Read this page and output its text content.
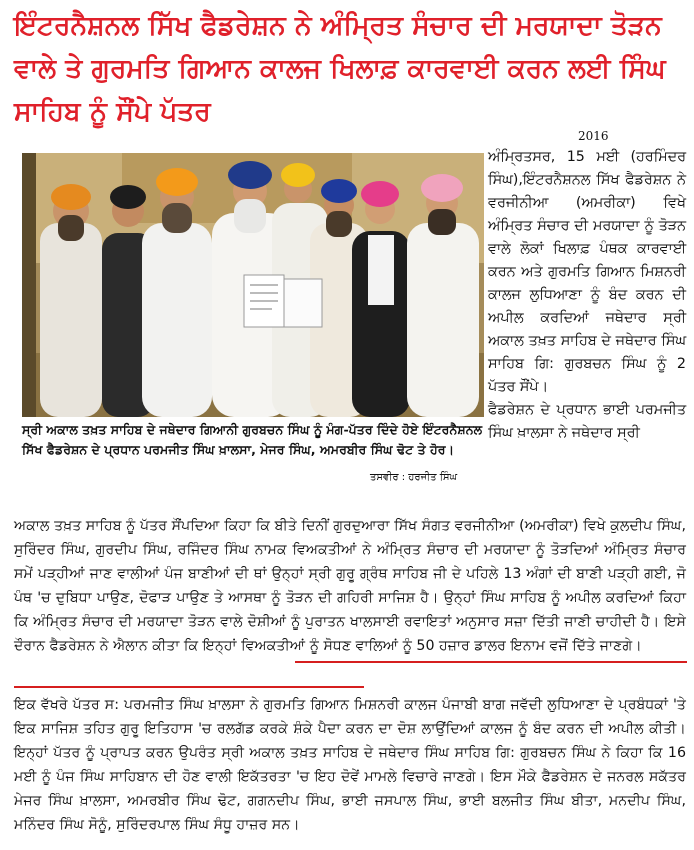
ਇੰਟਰਨੈਸ਼ਨਲ ਸਿੱਖ ਫੈਡਰੇਸ਼ਨ ਨੇ ਅੰਮ੍ਰਿਤ ਸੰਚਾਰ ਦੀ ਮਰਯਾਦਾ ਤੋੜਨ ਵਾਲੇ ਤੇ ਗੁਰਮਤਿ ਗਿਆਨ ਕਾਲਜ ਖਿਲਾਫ਼ ਕਾਰਵਾਈ ਕਰਨ ਲਈ ਸਿੰਘ ਸਾਹਿਬ ਨੂੰ ਸੌਂਪੇ ਪੱਤਰ
2016
ਸ੍ਰੀ ਅਕਾਲ ਤਖ਼ਤ ਸਾਹਿਬ ਦੇ ਜਥੇਦਾਰ ਗਿਆਨੀ ਗੁਰਬਚਨ ਸਿੰਘ ਨੂੰ ਮੰਗ-ਪੱਤਰ ਦਿੰਦੇ ਹੋਏ ਇੰਟਰਨੈਸ਼ਨਲ ਸਿੱਖ ਫੈਡਰੇਸ਼ਨ ਦੇ ਪ੍ਰਧਾਨ ਪਰਮਜੀਤ ਸਿੰਘ ਖ਼ਾਲਸਾ, ਮੇਜਰ ਸਿੰਘ, ਅਮਰਬੀਰ ਸਿੰਘ ਢੋਟ ਤੇ ਹੋਰ।
ਤਸਵੀਰ : ਹਰਜੀਤ ਸਿੰਘ

ਅੰਮ੍ਰਿਤਸਰ, 15 ਮਈ (ਹਰਮਿੰਦਰ ਸਿੰਘ),ਇੰਟਰਨੈਸ਼ਨਲ ਸਿੱਖ ਫੈਡਰੇਸ਼ਨ ਨੇ ਵਰਜੀਨੀਆ (ਅਮਰੀਕਾ) ਵਿਖੇ ਅੰਮ੍ਰਿਤ ਸੰਚਾਰ ਦੀ ਮਰਯਾਦਾ ਨੂੰ ਤੋੜਨ ਵਾਲੇ ਲੋਕਾਂ ਖਿਲਾਫ਼ ਪੰਥਕ ਕਾਰਵਾਈ ਕਰਨ ਅਤੇ ਗੁਰਮਤਿ ਗਿਆਨ ਮਿਸ਼ਨਰੀ ਕਾਲਜ ਲੁਧਿਆਣਾ ਨੂੰ ਬੰਦ ਕਰਨ ਦੀ ਅਪੀਲ ਕਰਦਿਆਂ ਜਥੇਦਾਰ ਸ੍ਰੀ ਅਕਾਲ ਤਖ਼ਤ ਸਾਹਿਬ ਦੇ ਜਥੇਦਾਰ ਸਿੰਘ ਸਾਹਿਬ ਗਿ: ਗੁਰਬਚਨ ਸਿੰਘ ਨੂੰ 2 ਪੱਤਰ ਸੌਂਪੇ।

ਫੈਡਰੇਸ਼ਨ ਦੇ ਪ੍ਰਧਾਨ ਭਾਈ ਪਰਮਜੀਤ ਸਿੰਘ ਖ਼ਾਲਸਾ ਨੇ ਜਥੇਦਾਰ ਸ੍ਰੀ

ਅਕਾਲ ਤਖ਼ਤ ਸਾਹਿਬ ਨੂੰ ਪੱਤਰ ਸੌਂਪਦਿਆ ਕਿਹਾ ਕਿ ਬੀਤੇ ਦਿਨੀਂ ਗੁਰਦੁਆਰਾ ਸਿੱਖ ਸੰਗਤ ਵਰਜੀਨੀਆ (ਅਮਰੀਕਾ) ਵਿਖੇ ਕੁਲਦੀਪ ਸਿੰਘ, ਸੁਰਿੰਦਰ ਸਿੰਘ, ਗੁਰਦੀਪ ਸਿੰਘ, ਰਜਿੰਦਰ ਸਿੰਘ ਨਾਮਕ ਵਿਅਕਤੀਆਂ ਨੇ ਅੰਮ੍ਰਿਤ ਸੰਚਾਰ ਦੀ ਮਰਯਾਦਾ ਨੂੰ ਤੋੜਦਿਆਂ ਅੰਮ੍ਰਿਤ ਸੰਚਾਰ ਸਮੇਂ ਪੜ੍ਹੀਆਂ ਜਾਣ ਵਾਲੀਆਂ ਪੰਜ ਬਾਣੀਆਂ ਦੀ ਥਾਂ ਉਨ੍ਹਾਂ ਸ੍ਰੀ ਗੁਰੂ ਗ੍ਰੰਥ ਸਾਹਿਬ ਜੀ ਦੇ ਪਹਿਲੇ 13 ਅੰਗਾਂ ਦੀ ਬਾਣੀ ਪੜ੍ਹੀ ਗਈ, ਜੋ ਪੰਥ 'ਚ ਦੁਬਿਧਾ ਪਾਉਣ, ਦੋਫਾੜ ਪਾਉਣ ਤੇ ਆਸਥਾ ਨੂੰ ਤੋੜਨ ਦੀ ਗਹਿਰੀ ਸਾਜਿਸ਼ ਹੈ। ਉਨ੍ਹਾਂ ਸਿੰਘ ਸਾਹਿਬ ਨੂੰ ਅਪੀਲ ਕਰਦਿਆਂ ਕਿਹਾ ਕਿ ਅੰਮ੍ਰਿਤ ਸੰਚਾਰ ਦੀ ਮਰਯਾਦਾ ਤੋੜਨ ਵਾਲੇ ਦੋਸ਼ੀਆਂ ਨੂੰ ਪੁਰਾਤਨ ਖਾਲਸਾਈ ਰਵਾਇਤਾਂ ਅਨੁਸਾਰ ਸਜ਼ਾ ਦਿੱਤੀ ਜਾਣੀ ਚਾਹੀਦੀ ਹੈ। ਇਸੇ ਦੌਰਾਨ ਫੈਡਰੇਸ਼ਨ ਨੇ ਐਲਾਨ ਕੀਤਾ ਕਿ ਇਨ੍ਹਾਂ ਵਿਅਕਤੀਆਂ ਨੂੰ ਸੋਧਣ ਵਾਲਿਆਂ ਨੂੰ 50 ਹਜ਼ਾਰ ਡਾਲਰ ਇਨਾਮ ਵਜੋਂ ਦਿੱਤੇ ਜਾਣਗੇ।

ਇਕ ਵੱਖਰੇ ਪੱਤਰ ਸ: ਪਰਮਜੀਤ ਸਿੰਘ ਖ਼ਾਲਸਾ ਨੇ ਗੁਰਮਤਿ ਗਿਆਨ ਮਿਸ਼ਨਰੀ ਕਾਲਜ ਪੰਜਾਬੀ ਬਾਗ ਜਵੱਦੀ ਲੁਧਿਆਣਾ ਦੇ ਪ੍ਰਬੰਧਕਾਂ 'ਤੇ ਇਕ ਸਾਜਿਸ਼ ਤਹਿਤ ਗੁਰੂ ਇਤਿਹਾਸ 'ਚ ਰਲਗੱਡ ਕਰਕੇ ਸ਼ੰਕੇ ਪੈਦਾ ਕਰਨ ਦਾ ਦੋਸ਼ ਲਾਉਂਦਿਆਂ ਕਾਲਜ ਨੂੰ ਬੰਦ ਕਰਨ ਦੀ ਅਪੀਲ ਕੀਤੀ। ਇਨ੍ਹਾਂ ਪੱਤਰ ਨੂੰ ਪ੍ਰਾਪਤ ਕਰਨ ਉਪਰੰਤ ਸ੍ਰੀ ਅਕਾਲ ਤਖ਼ਤ ਸਾਹਿਬ ਦੇ ਜਥੇਦਾਰ ਸਿੰਘ ਸਾਹਿਬ ਗਿ: ਗੁਰਬਚਨ ਸਿੰਘ ਨੇ ਕਿਹਾ ਕਿ 16 ਮਈ ਨੂੰ ਪੰਜ ਸਿੰਘ ਸਾਹਿਬਾਨ ਦੀ ਹੋਣ ਵਾਲੀ ਇਕੱਤਰਤਾ 'ਚ ਇਹ ਦੋਵੇਂ ਮਾਮਲੇ ਵਿਚਾਰੇ ਜਾਣਗੇ। ਇਸ ਮੌਕੇ ਫੈਡਰੇਸ਼ਨ ਦੇ ਜਨਰਲ ਸਕੱਤਰ ਮੇਜਰ ਸਿੰਘ ਖ਼ਾਲਸਾ, ਅਮਰਬੀਰ ਸਿੰਘ ਢੋਟ, ਗਗਨਦੀਪ ਸਿੰਘ, ਭਾਈ ਜਸਪਾਲ ਸਿੰਘ, ਭਾਈ ਬਲਜੀਤ ਸਿੰਘ ਬੀਤਾ, ਮਨਦੀਪ ਸਿੰਘ, ਮਨਿੰਦਰ ਸਿੰਘ ਸੋਨੂੰ, ਸੁਰਿੰਦਰਪਾਲ ਸਿੰਘ ਸੰਧੂ ਹਾਜ਼ਰ ਸਨ।
